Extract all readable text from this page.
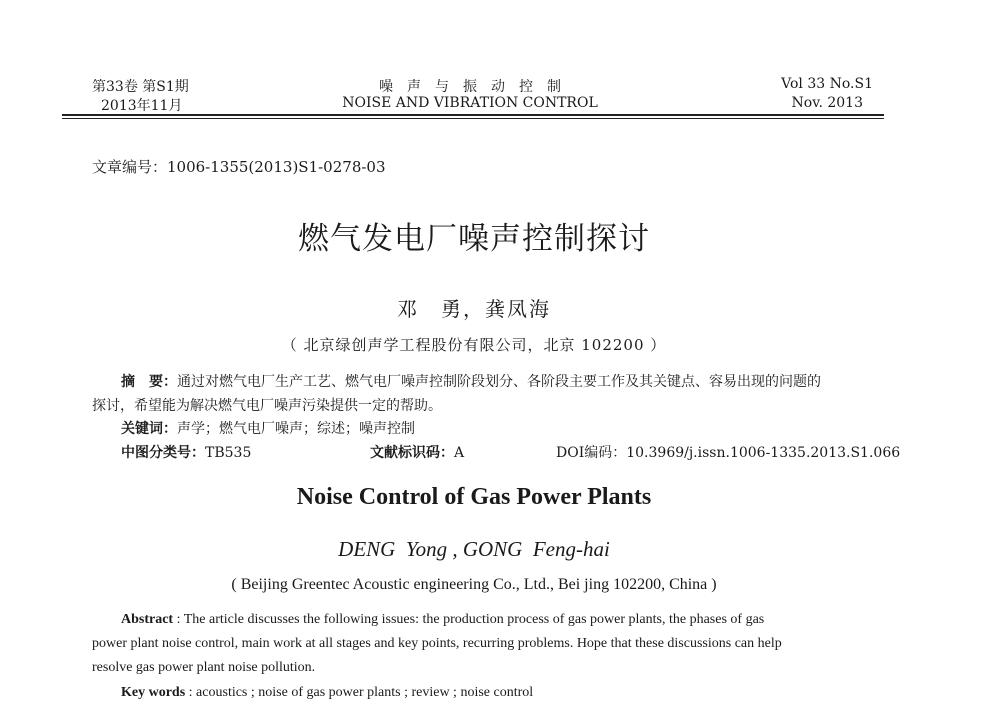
第33卷 第S1期
2013年11月
噪　声　与　振　动　控　制
NOISE AND VIBRATION CONTROL
Vol 33 No.S1
Nov. 2013
文章编号：1006-1355(2013)S1-0278-03
燃气发电厂噪声控制探讨
邓　勇，龚凤海
（ 北京绿创声学工程股份有限公司，北京 102200 ）
摘　要：通过对燃气电厂生产工艺、燃气电厂噪声控制阶段划分、各阶段主要工作及其关键点、容易出现的问题的
探讨，希望能为解决燃气电厂噪声污染提供一定的帮助。
关键词：声学；燃气电厂噪声；综述；噪声控制
中图分类号：TB535	文献标识码：A	DOI编码：10.3969/j.issn.1006-1335.2013.S1.066
Noise Control of Gas Power Plants
DENG  Yong , GONG  Feng-hai
( Beijing Greentec Acoustic engineering Co., Ltd., Bei jing 102200, China )
Abstract : The article discusses the following issues: the production process of gas power plants, the phases of gas
power plant noise control, main work at all stages and key points, recurring problems. Hope that these discussions can help
resolve gas power plant noise pollution.
Key words : acoustics ; noise of gas power plants ; review ; noise control
